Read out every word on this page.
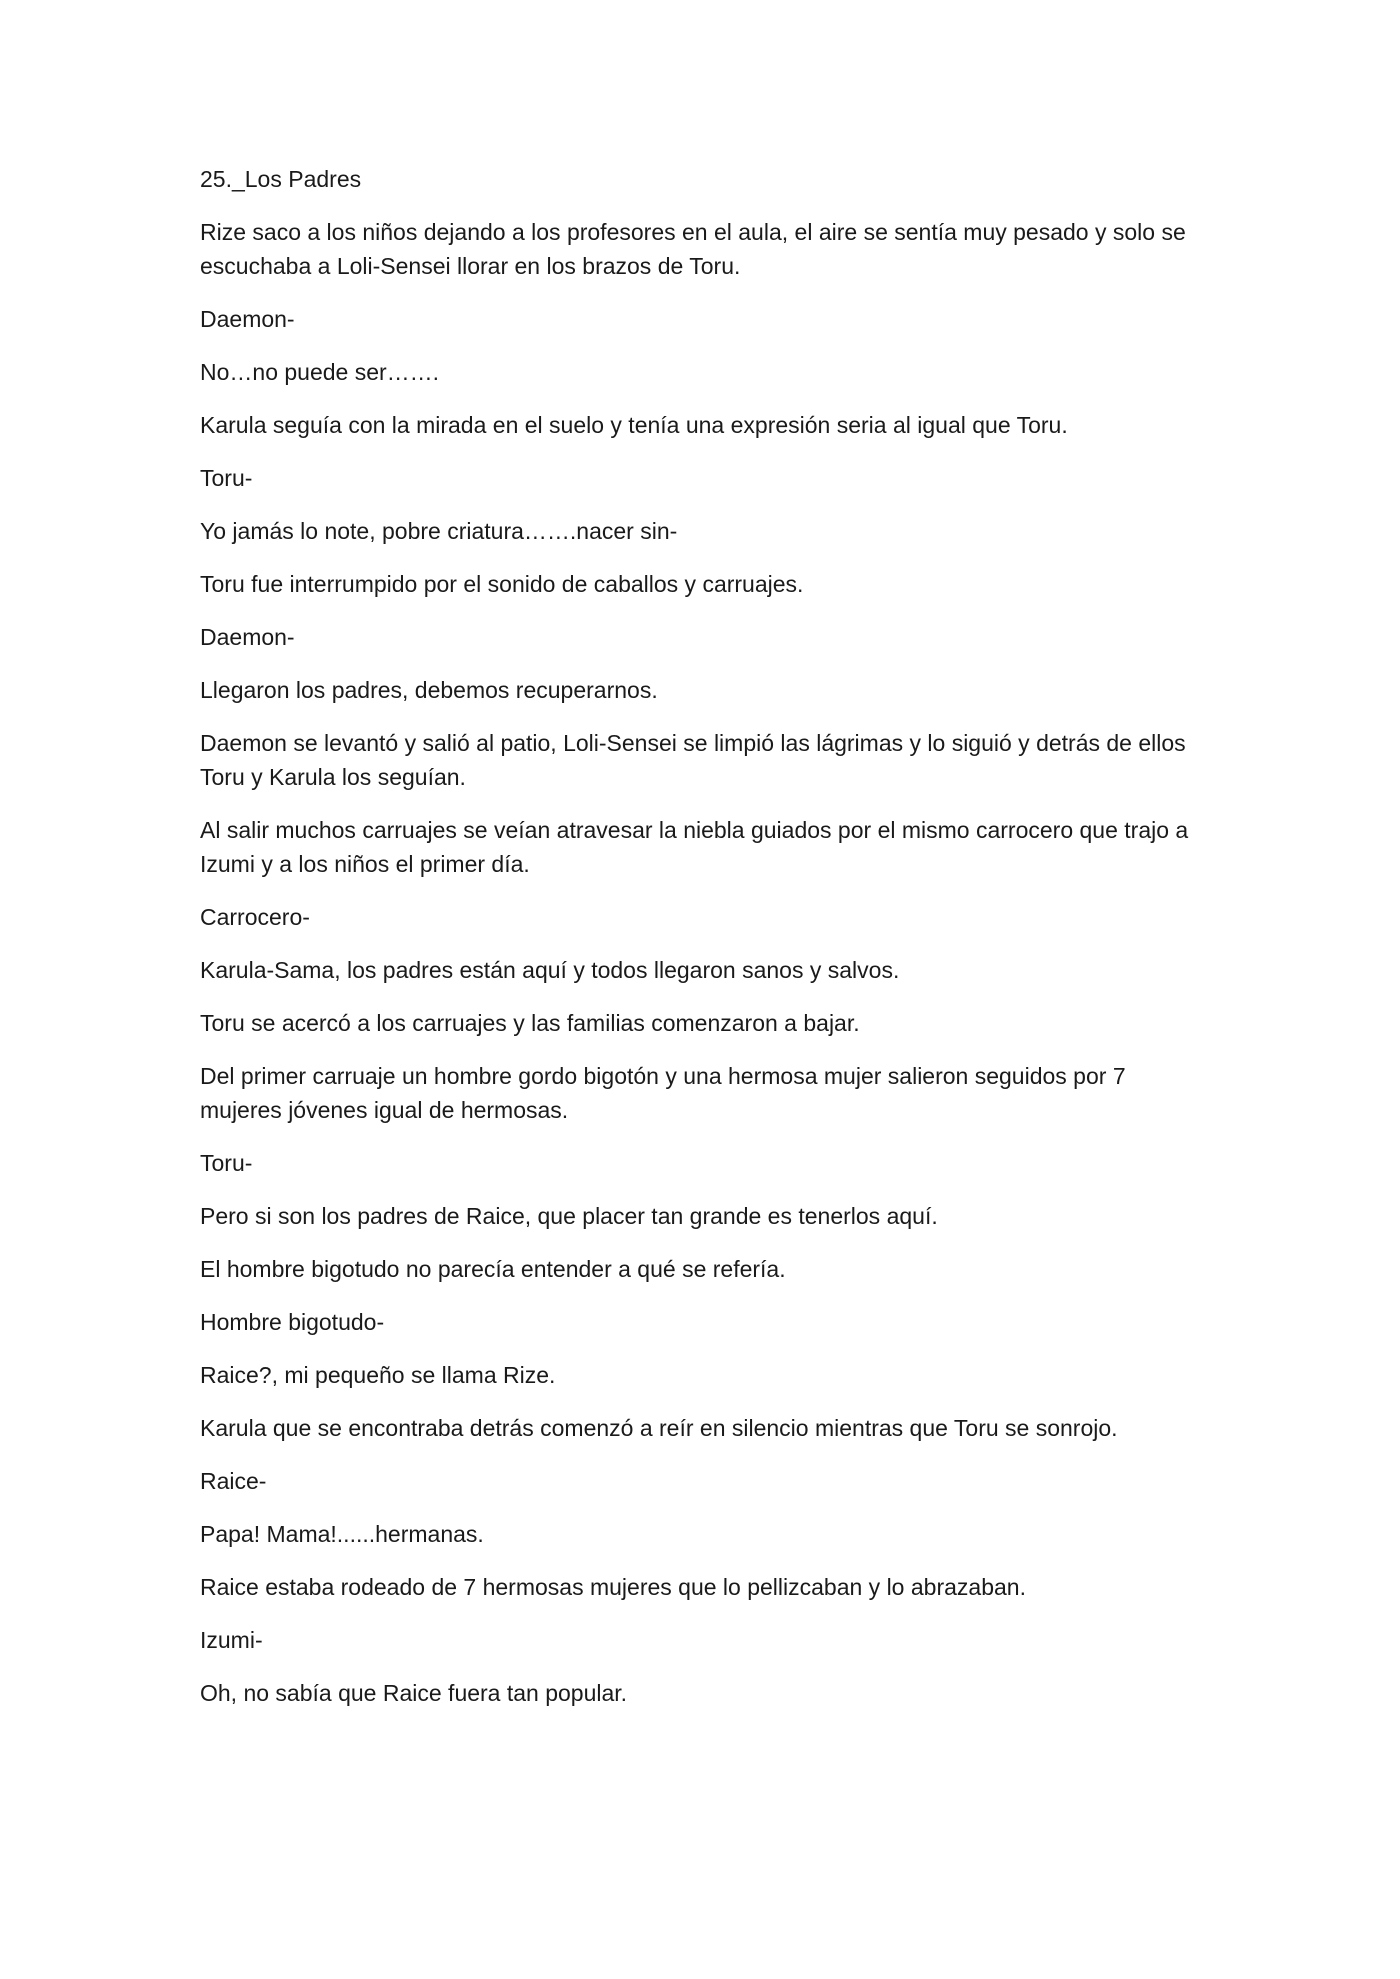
25._Los Padres

Rize saco a los niños dejando a los profesores en el aula, el aire se sentía muy pesado y solo se escuchaba a Loli-Sensei llorar en los brazos de Toru.

Daemon-

No…no puede ser…….

Karula seguía con la mirada en el suelo y tenía una expresión seria al igual que Toru.

Toru-

Yo jamás lo note, pobre criatura…….nacer sin-

Toru fue interrumpido por el sonido de caballos y carruajes.

Daemon-

Llegaron los padres, debemos recuperarnos.

Daemon se levantó y salió al patio, Loli-Sensei se limpió las lágrimas y lo siguió y detrás de ellos Toru y Karula los seguían.

Al salir muchos carruajes se veían atravesar la niebla guiados por el mismo carrocero que trajo a Izumi y a los niños el primer día.

Carrocero-

Karula-Sama, los padres están aquí y todos llegaron sanos y salvos.

Toru se acercó a los carruajes y las familias comenzaron a bajar.

Del primer carruaje un hombre gordo bigotón y una hermosa mujer salieron seguidos por 7 mujeres jóvenes igual de hermosas.

Toru-

Pero si son los padres de Raice, que placer tan grande es tenerlos aquí.

El hombre bigotudo no parecía entender a qué se refería.

Hombre bigotudo-

Raice?, mi pequeño se llama Rize.

Karula que se encontraba detrás comenzó a reír en silencio mientras que Toru se sonrojo.

Raice-

Papa! Mama!......hermanas.

Raice estaba rodeado de 7 hermosas mujeres que lo pellizcaban y lo abrazaban.

Izumi-

Oh, no sabía que Raice fuera tan popular.
